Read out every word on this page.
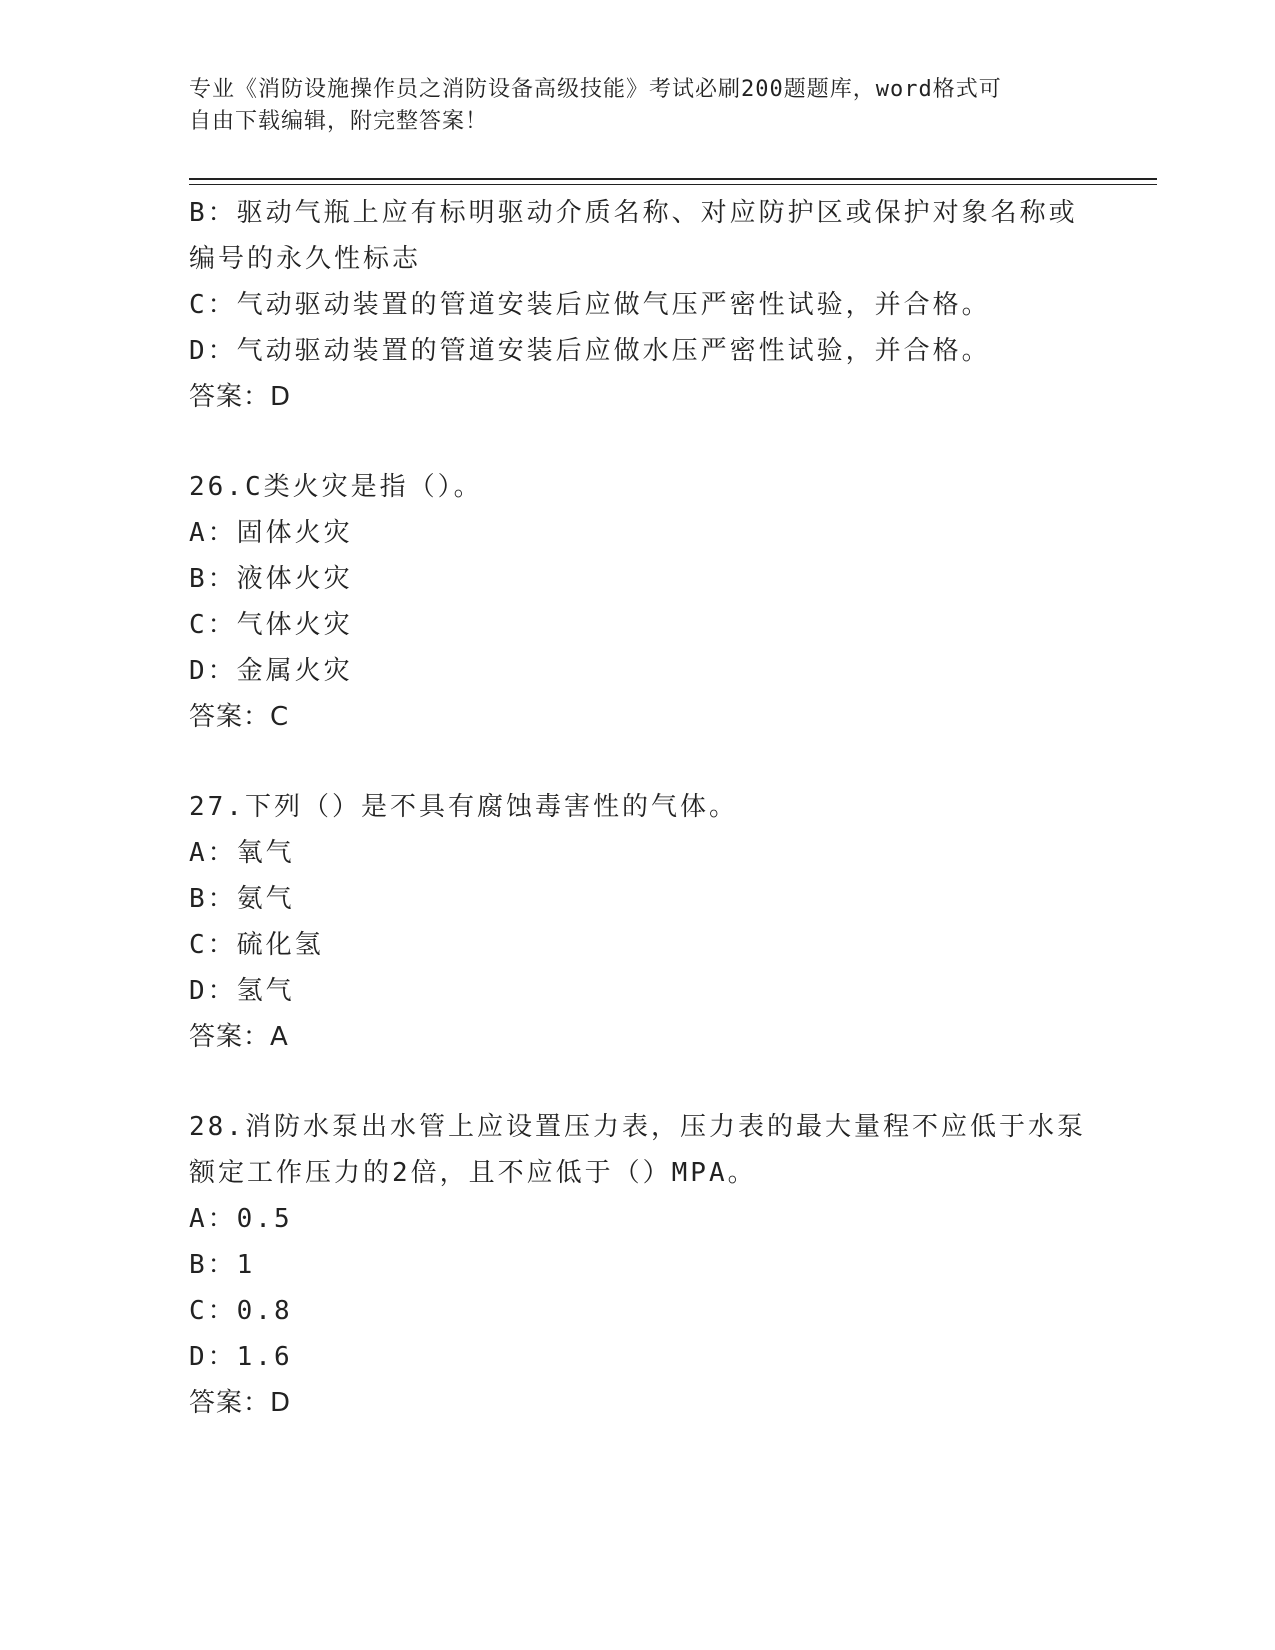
专业《消防设施操作员之消防设备高级技能》考试必刷200题题库，word格式可
自由下载编辑，附完整答案！
B：驱动气瓶上应有标明驱动介质名称、对应防护区或保护对象名称或
编号的永久性标志
C：气动驱动装置的管道安装后应做气压严密性试验，并合格。
D：气动驱动装置的管道安装后应做水压严密性试验，并合格。
答案：D
26.C类火灾是指（）。
A：固体火灾
B：液体火灾
C：气体火灾
D：金属火灾
答案：C
27.下列（）是不具有腐蚀毒害性的气体。
A：氧气
B：氨气
C：硫化氢
D：氢气
答案：A
28.消防水泵出水管上应设置压力表，压力表的最大量程不应低于水泵
额定工作压力的2倍，且不应低于（）MPA。
A：0.5
B：1
C：0.8
D：1.6
答案：D
